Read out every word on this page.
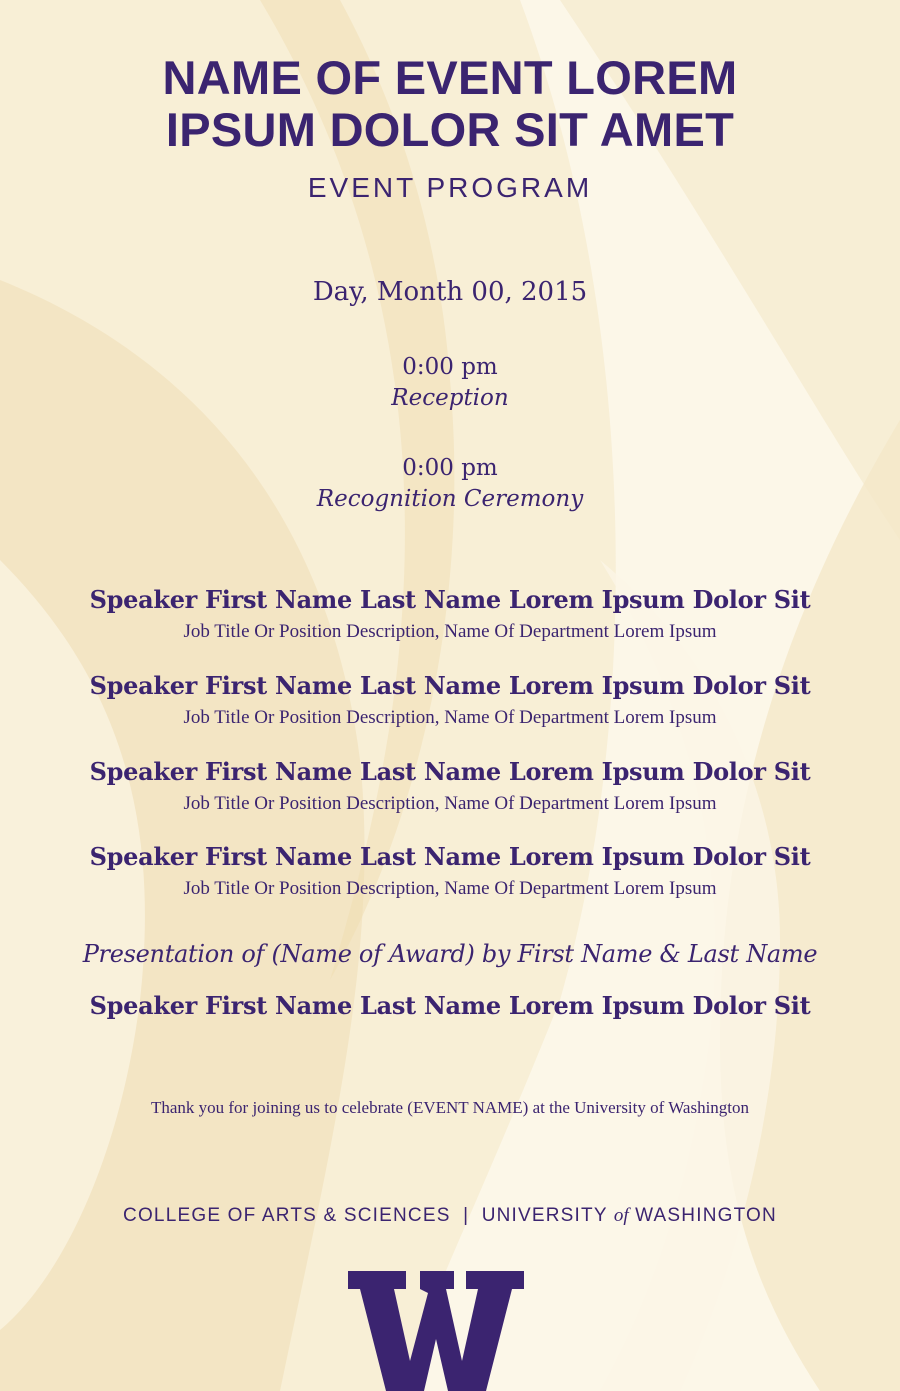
NAME OF EVENT LOREM
IPSUM DOLOR SIT AMET
EVENT PROGRAM
Day, Month 00, 2015
0:00 pm
Reception
0:00 pm
Recognition Ceremony
Speaker First Name Last Name Lorem Ipsum Dolor Sit
Job Title Or Position Description, Name Of Department Lorem Ipsum
Speaker First Name Last Name Lorem Ipsum Dolor Sit
Job Title Or Position Description, Name Of Department Lorem Ipsum
Speaker First Name Last Name Lorem Ipsum Dolor Sit
Job Title Or Position Description, Name Of Department Lorem Ipsum
Speaker First Name Last Name Lorem Ipsum Dolor Sit
Job Title Or Position Description, Name Of Department Lorem Ipsum
Presentation of (Name of Award) by First Name & Last Name
Speaker First Name Last Name Lorem Ipsum Dolor Sit
Thank you for joining us to celebrate (EVENT NAME) at the University of Washington
COLLEGE OF ARTS & SCIENCES | UNIVERSITY of WASHINGTON
